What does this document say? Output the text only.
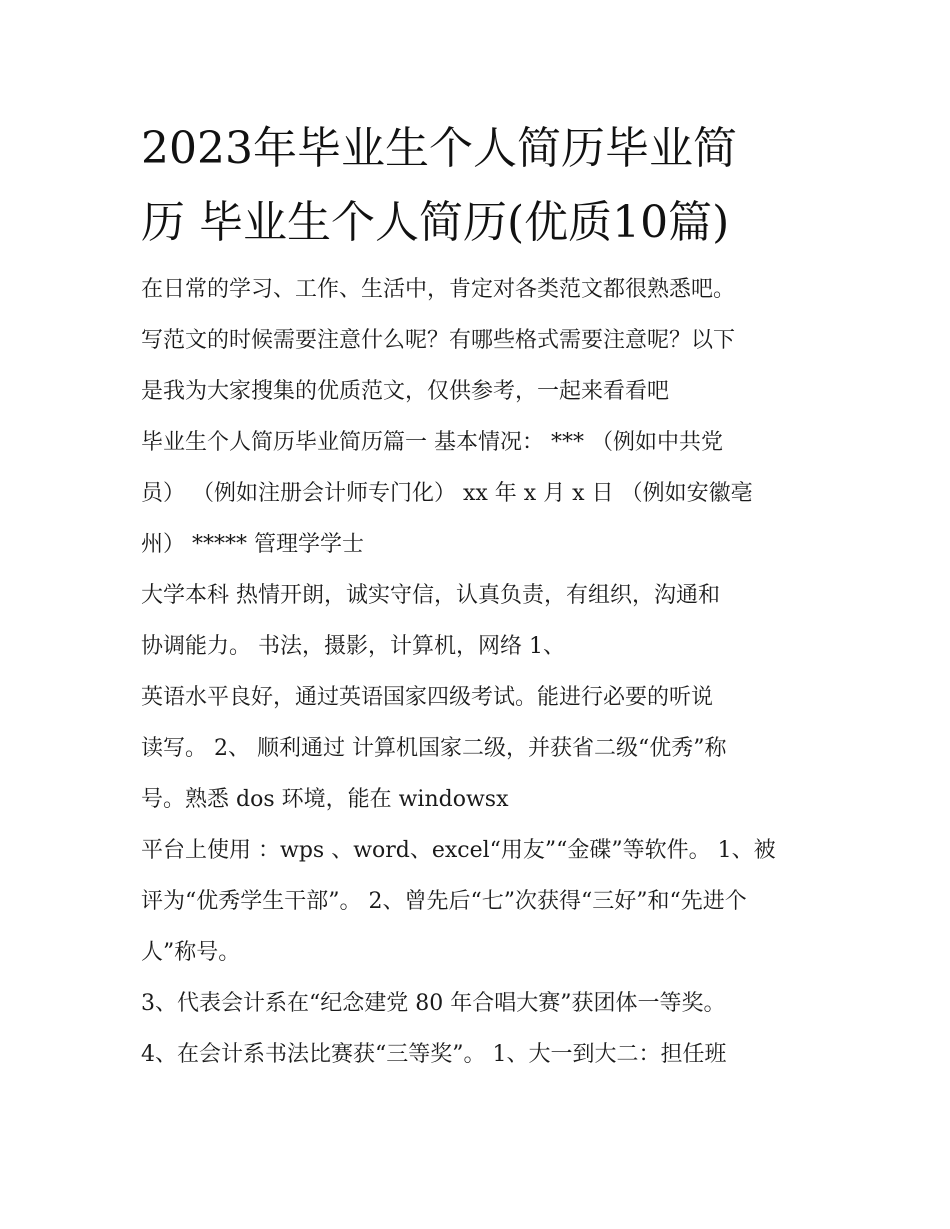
2023年毕业生个人简历毕业简
历 毕业生个人简历(优质10篇)

在日常的学习、工作、生活中，肯定对各类范文都很熟悉吧。
写范文的时候需要注意什么呢？有哪些格式需要注意呢？以下
是我为大家搜集的优质范文，仅供参考，一起来看看吧

毕业生个人简历毕业简历篇一 基本情况： *** （例如中共党
员） （例如注册会计师专门化） xx 年 x 月 x 日 （例如安徽亳
州） ***** 管理学学士

大学本科 热情开朗，诚实守信，认真负责，有组织，沟通和
协调能力。 书法，摄影，计算机，网络 1、

英语水平良好，通过英语国家四级考试。能进行必要的听说
读写。 2、 顺利通过 计算机国家二级，并获省二级“优秀”称
号。熟悉 dos 环境，能在 windowsx

平台上使用 ：wps 、word、excel“用友”“金碟”等软件。 1、被
评为“优秀学生干部”。 2、曾先后“七”次获得“三好”和“先进个
人”称号。

3、代表会计系在“纪念建党 80 年合唱大赛”获团体一等奖。

4、在会计系书法比赛获“三等奖”。 1、大一到大二：担任班
